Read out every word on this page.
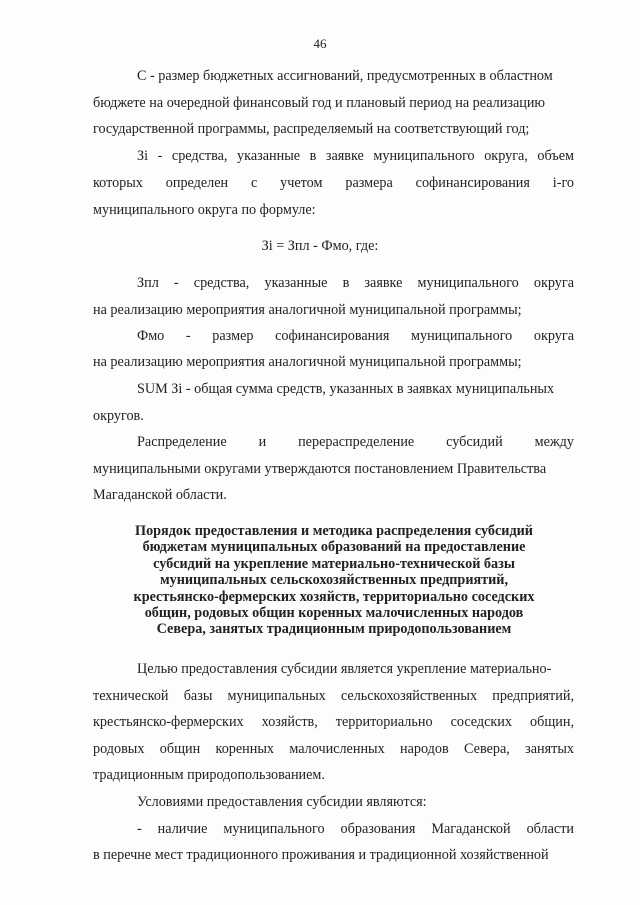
46
C - размер бюджетных ассигнований, предусмотренных в областном
бюджете на очередной финансовый год и плановый период на реализацию
государственной программы, распределяемый на соответствующий год;
Зi - средства, указанные в заявке муниципального округа, объем
которых определен с учетом размера софинансирования i-го
муниципального округа по формуле:
Зi = Зпл - Фмо, где:
Зпл - средства, указанные в заявке муниципального округа
на реализацию мероприятия аналогичной муниципальной программы;
Фмо - размер софинансирования муниципального округа
на реализацию мероприятия аналогичной муниципальной программы;
SUM Зi - общая сумма средств, указанных в заявках муниципальных
округов.
Распределение и перераспределение субсидий между
муниципальными округами утверждаются постановлением Правительства
Магаданской области.
Порядок предоставления и методика распределения субсидий
бюджетам муниципальных образований на предоставление
субсидий на укрепление материально-технической базы
муниципальных сельскохозяйственных предприятий,
крестьянско-фермерских хозяйств, территориально соседских
общин, родовых общин коренных малочисленных народов
Севера, занятых традиционным природопользованием
Целью предоставления субсидии является укрепление материально-
технической базы муниципальных сельскохозяйственных предприятий,
крестьянско-фермерских хозяйств, территориально соседских общин,
родовых общин коренных малочисленных народов Севера, занятых
традиционным природопользованием.
Условиями предоставления субсидии являются:
- наличие муниципального образования Магаданской области
в перечне мест традиционного проживания и традиционной хозяйственной
